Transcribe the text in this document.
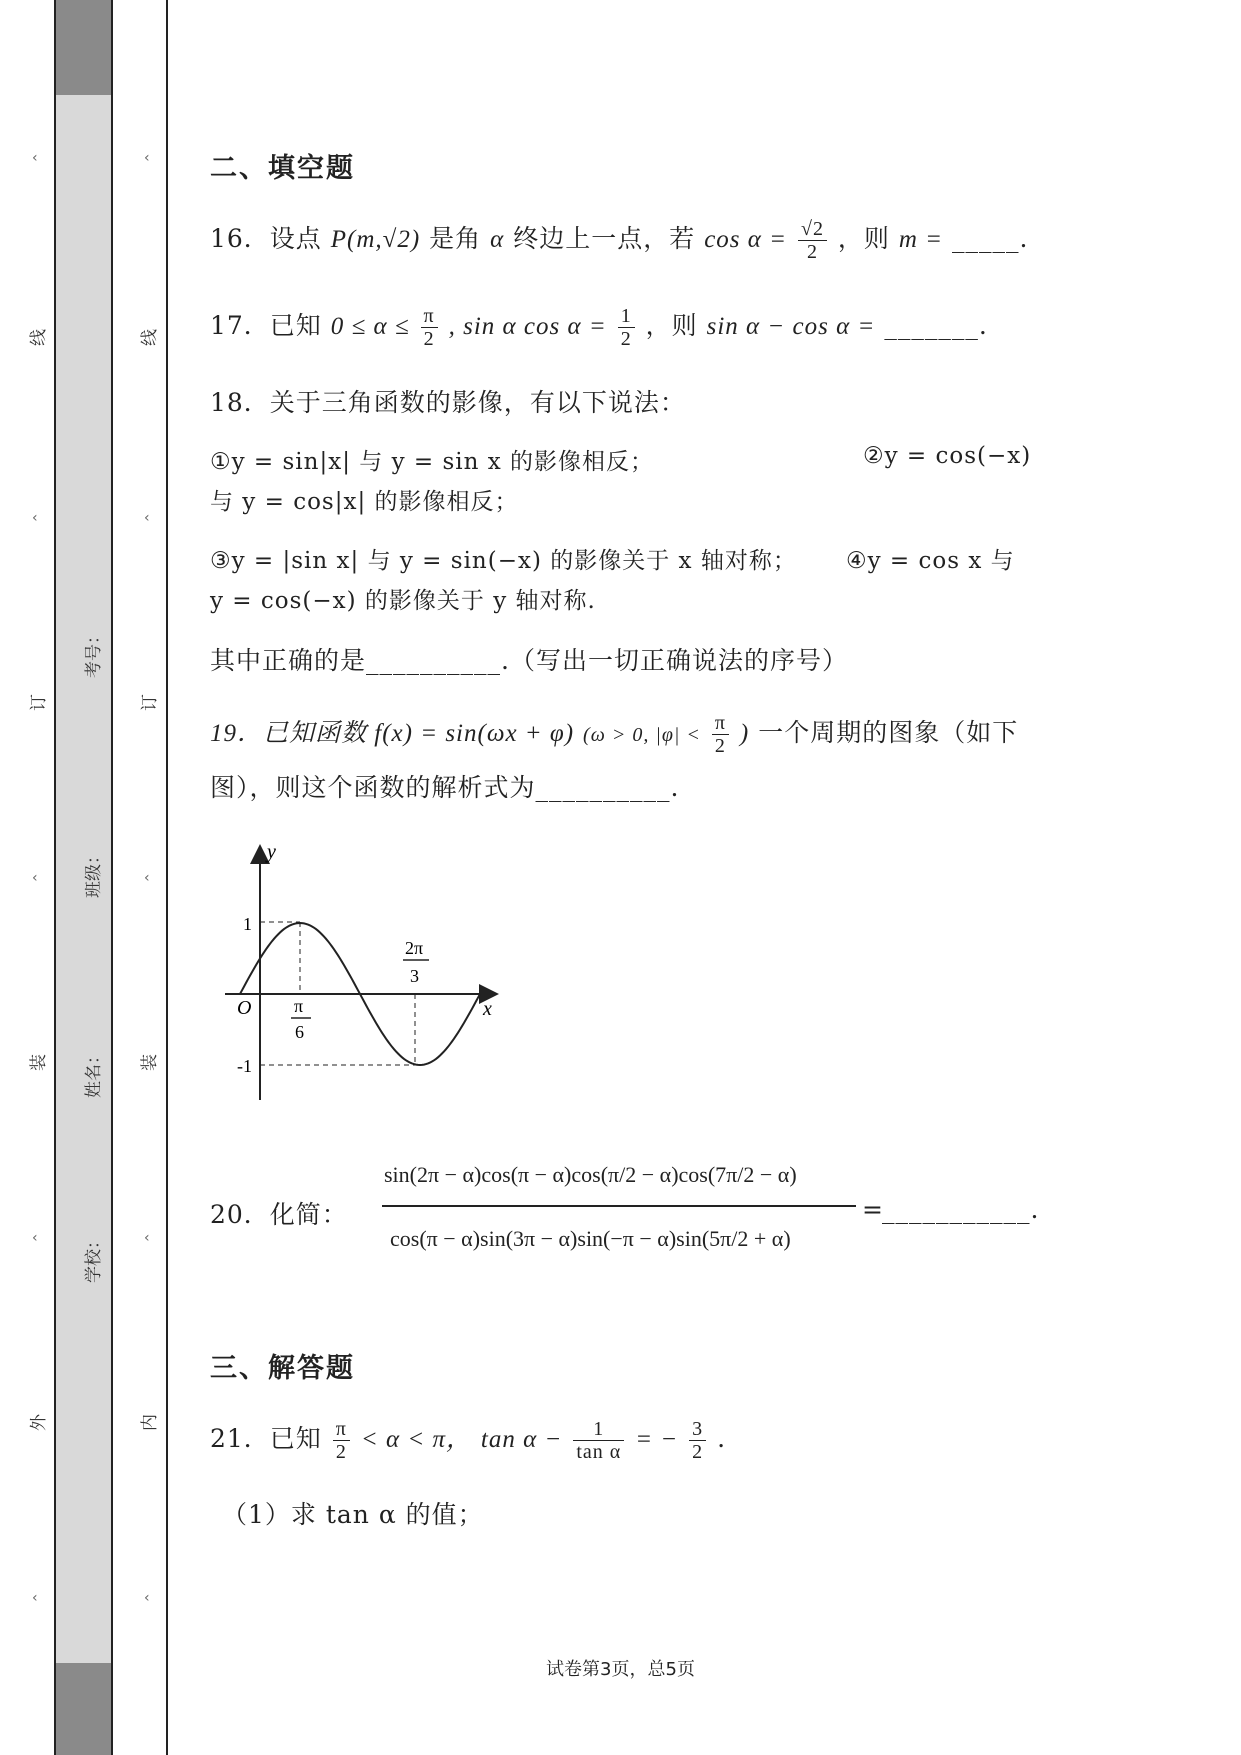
‹
线
‹
订
‹
装
‹
外
‹
‹
线
‹
订
‹
装
‹
内
‹
考号：
班级：
姓名：
学校：
二、填空题
16．设点 P(m,√2) 是角 α 终边上一点，若 $\cos \alpha = \frac{√2}{2}$ ，则 m = _____.
17．已知 $0 \le \alpha \le \frac{\pi}{2}$ , sin α $\cos \alpha = \frac{1}{2}$ ，则 sin α − cos α = _______.
18．关于三角函数的影像，有以下说法：
①y = sin|x| 与 y = sin x 的影像相反；	②y = cos(−x)
与 y = cos|x| 的影像相反；
③y = |sin x| 与 y = sin(−x) 的影像关于 x 轴对称； ④y = cos x 与
y = cos(−x) 的影像关于 y 轴对称.
其中正确的是__________.（写出一切正确说法的序号）
19．已知函数 f(x) = sin(ωx + φ) (ω > 0, $|\varphi| < \frac{\pi}{2}$ ) 一个周期的图象（如下
图），则这个函数的解析式为__________.
y
x
O
1
-1
π
6
2π
3
20．化简：
sin(2π − α)cos(π − α)cos(π/2 − α)cos(7π/2 − α)
cos(π − α)sin(3π − α)sin(−π − α)sin(5π/2 + α)
=
___________.
三、解答题
21．已知 $\frac{\pi}{2} < \alpha < \pi$， $\tan \alpha - \frac{1}{\text{tan α}}$ = − $\frac{3}{2}$ .
（1）求 tan α 的值；
试卷第3页，总5页
